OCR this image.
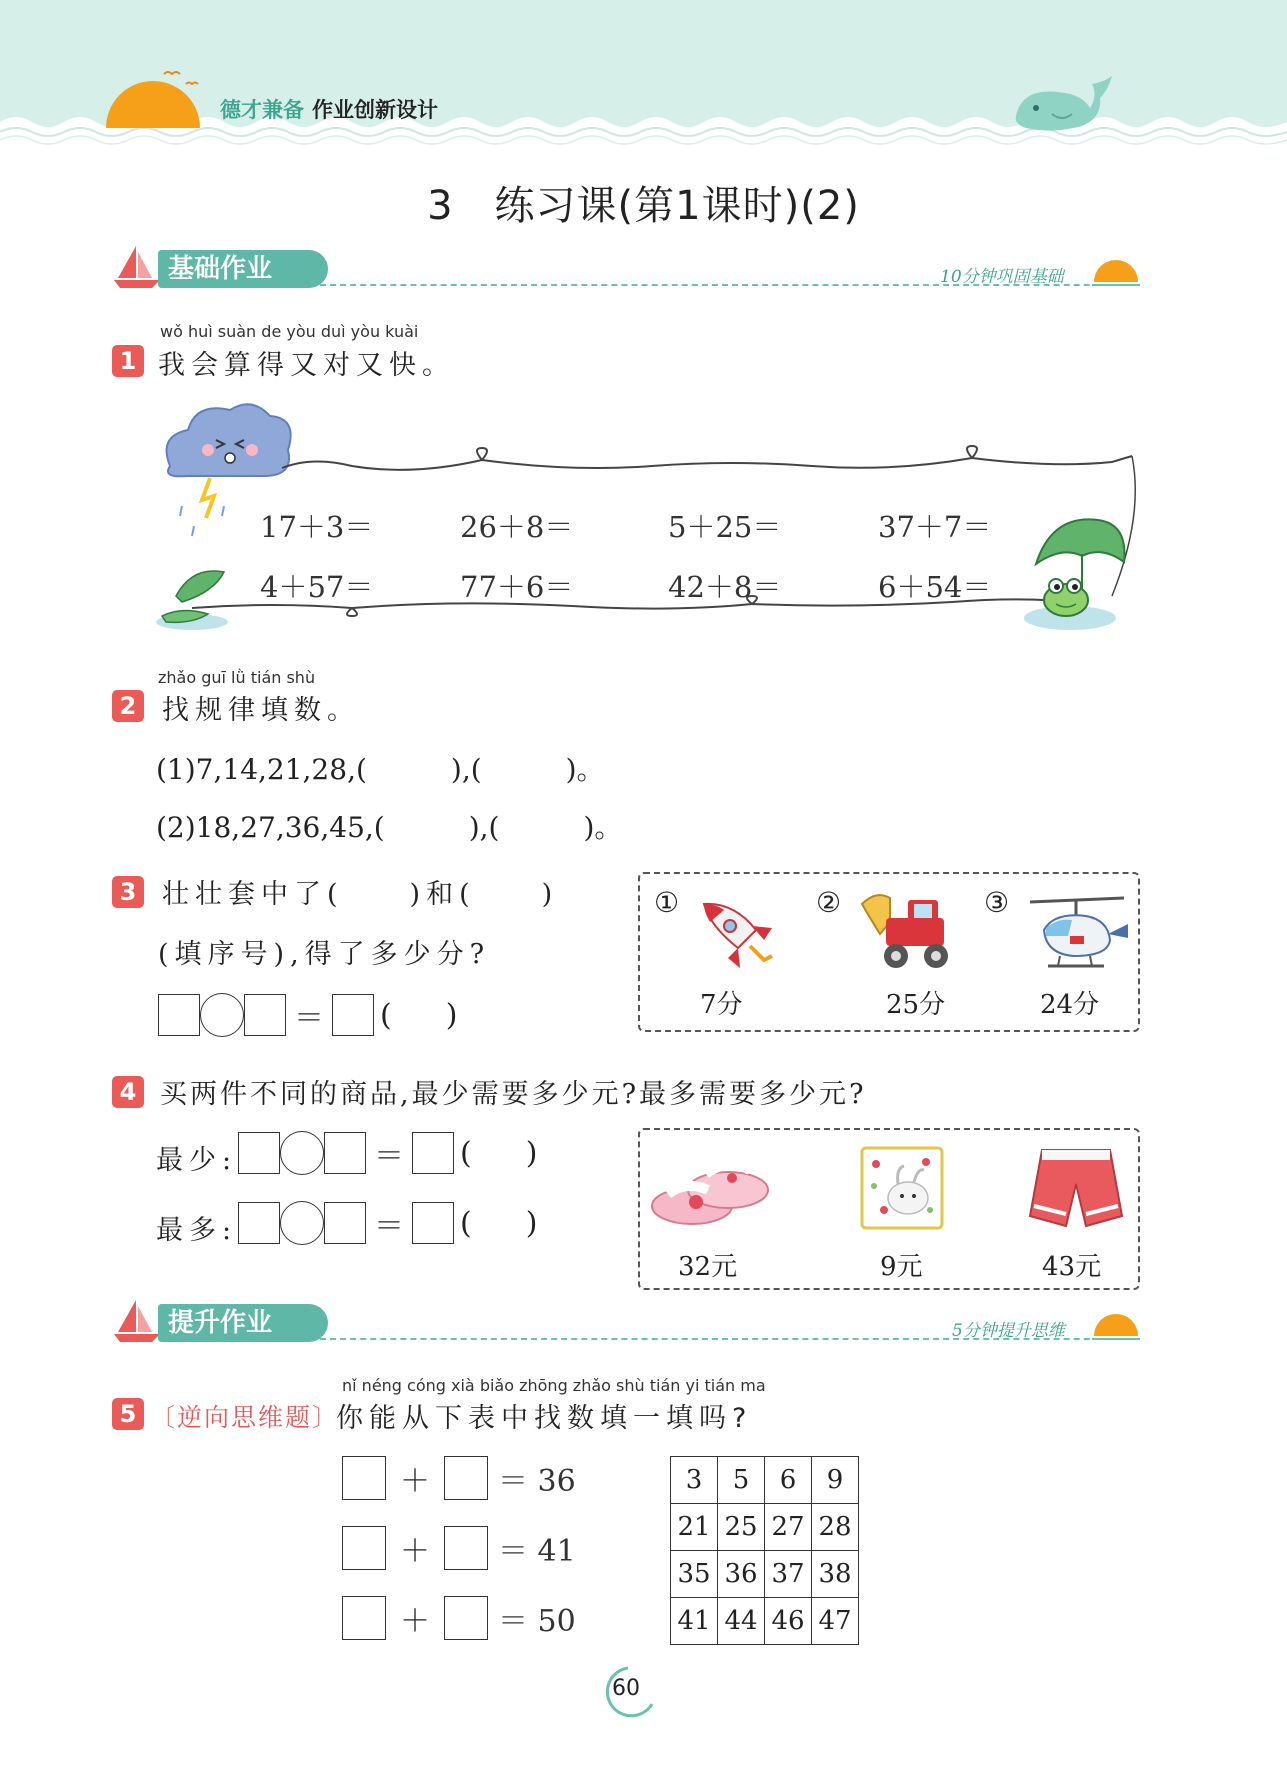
德才兼备 作业创新设计
3　练习课(第1课时)(2)
基础作业	10分钟巩固基础
wǒ huì suàn de yòu duì yòu kuài
1 我会算得又对又快。
17＋3＝	26＋8＝	5＋25＝	37＋7＝
4＋57＝	77＋6＝	42＋8＝	6＋54＝
zhǎo guī lǜ tián shù
2 找规律填数。
(1)7,14,21,28,(　　　),(　　　)。
(2)18,27,36,45,(　　　),(　　　)。
3 壮壮套中了(　　)和(　　)
(填序号),得了多少分?
＝ ()
①	②	③
7分	25分	24分
4 买两件不同的商品,最少需要多少元?最多需要多少元?
最少:	＝ ()
最多:	＝ ()
32元	9元	43元
提升作业	5分钟提升思维
nǐ néng cóng xià biǎo zhōng zhǎo shù tián yi tián ma
5 〔逆向思维题〕
你能从下表中找数填一填吗?
＋ ＝ 36
＋ ＝ 41
＋ ＝ 50
3	5	6	9
21	25	27	28
35	36	37	38
41	44	46	47
60
